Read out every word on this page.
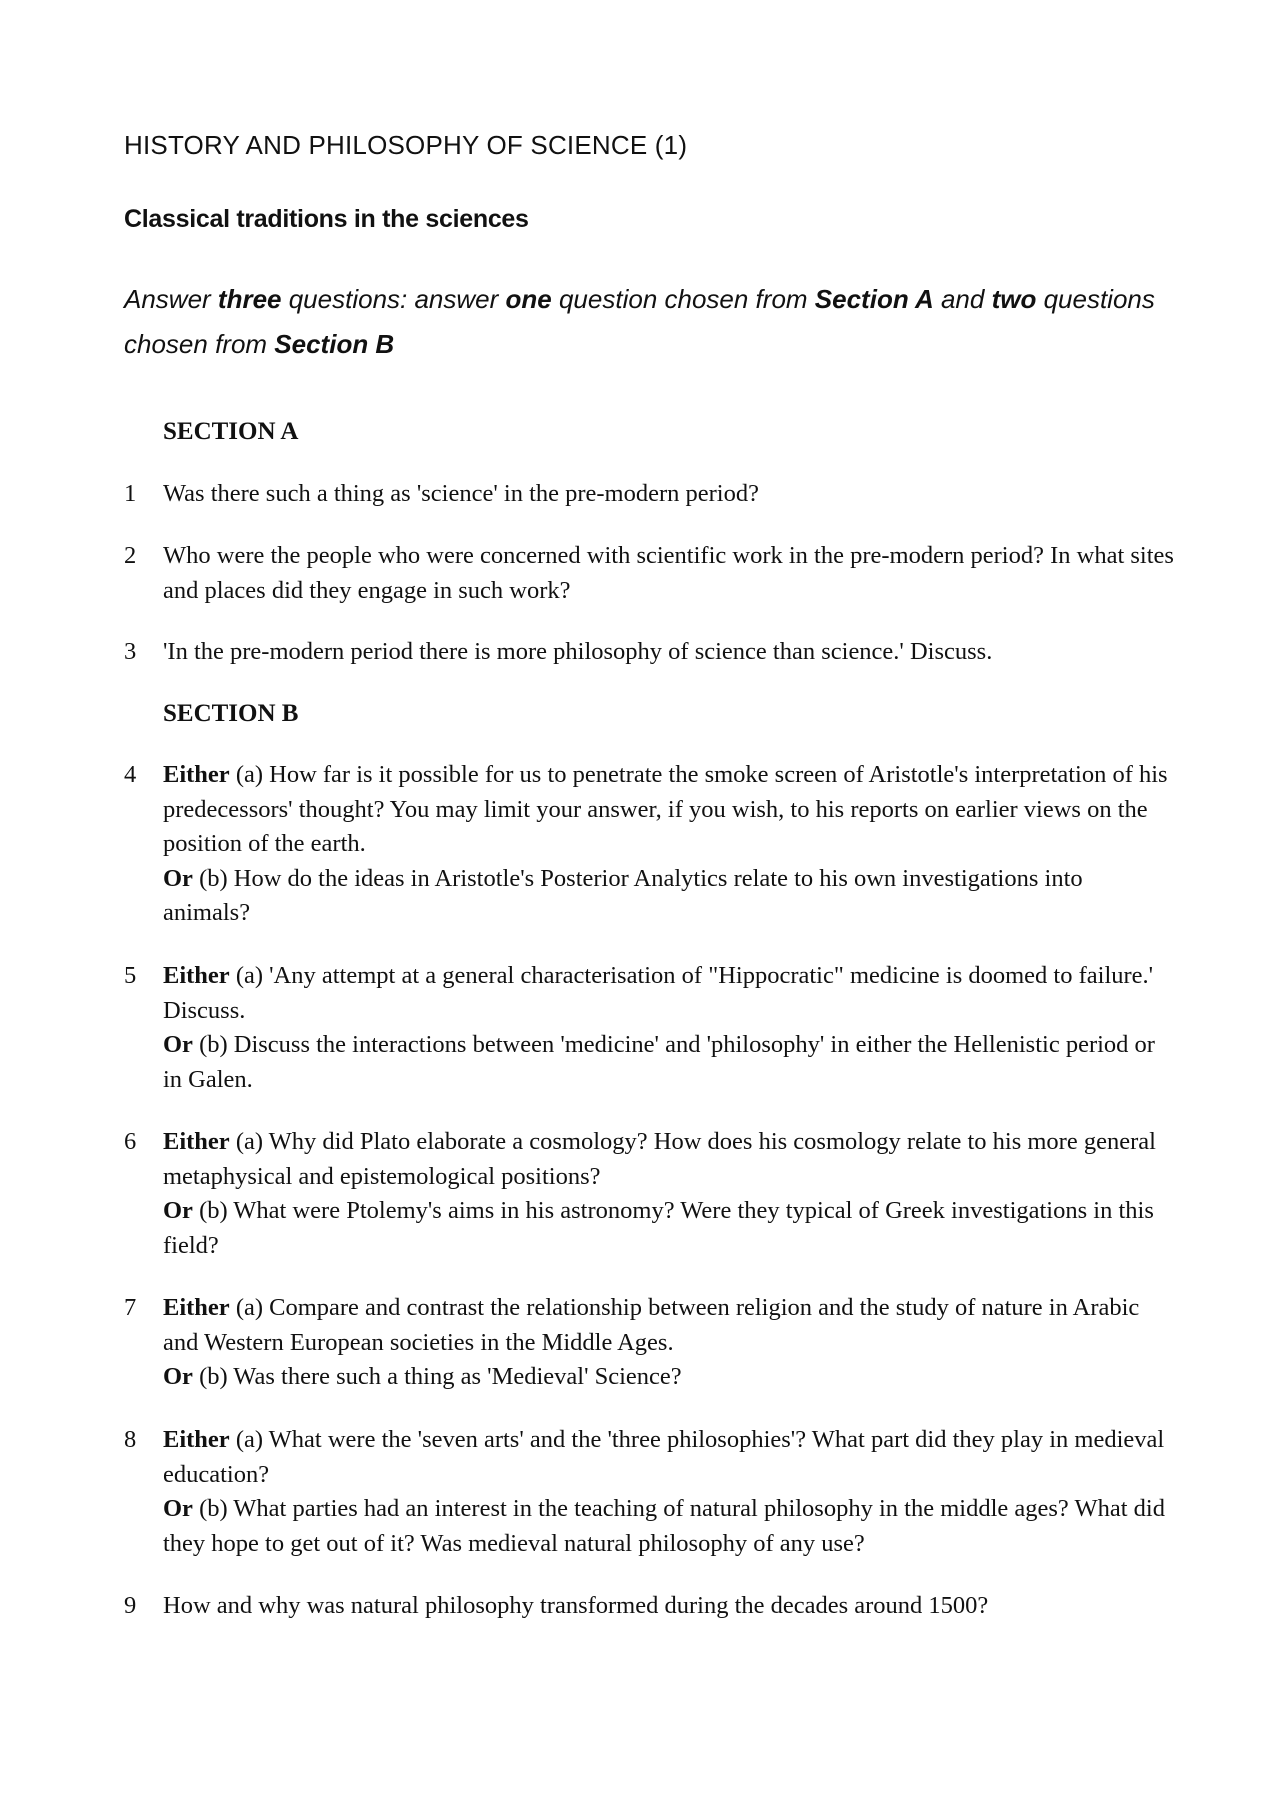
HISTORY AND PHILOSOPHY OF SCIENCE (1)
Classical traditions in the sciences
Answer three questions: answer one question chosen from Section A and two questions chosen from Section B
SECTION A
1	Was there such a thing as 'science' in the pre-modern period?
2	Who were the people who were concerned with scientific work in the pre-modern period? In what sites and places did they engage in such work?
3	'In the pre-modern period there is more philosophy of science than science.' Discuss.
SECTION B
4	Either (a) How far is it possible for us to penetrate the smoke screen of Aristotle's interpretation of his predecessors' thought? You may limit your answer, if you wish, to his reports on earlier views on the position of the earth.
Or (b) How do the ideas in Aristotle's Posterior Analytics relate to his own investigations into animals?
5	Either (a) 'Any attempt at a general characterisation of "Hippocratic" medicine is doomed to failure.' Discuss.
Or (b) Discuss the interactions between 'medicine' and 'philosophy' in either the Hellenistic period or in Galen.
6	Either (a) Why did Plato elaborate a cosmology? How does his cosmology relate to his more general metaphysical and epistemological positions?
Or (b) What were Ptolemy's aims in his astronomy? Were they typical of Greek investigations in this field?
7	Either (a) Compare and contrast the relationship between religion and the study of nature in Arabic and Western European societies in the Middle Ages.
Or (b) Was there such a thing as 'Medieval' Science?
8	Either (a) What were the 'seven arts' and the 'three philosophies'? What part did they play in medieval education?
Or (b) What parties had an interest in the teaching of natural philosophy in the middle ages? What did they hope to get out of it? Was medieval natural philosophy of any use?
9	How and why was natural philosophy transformed during the decades around 1500?
